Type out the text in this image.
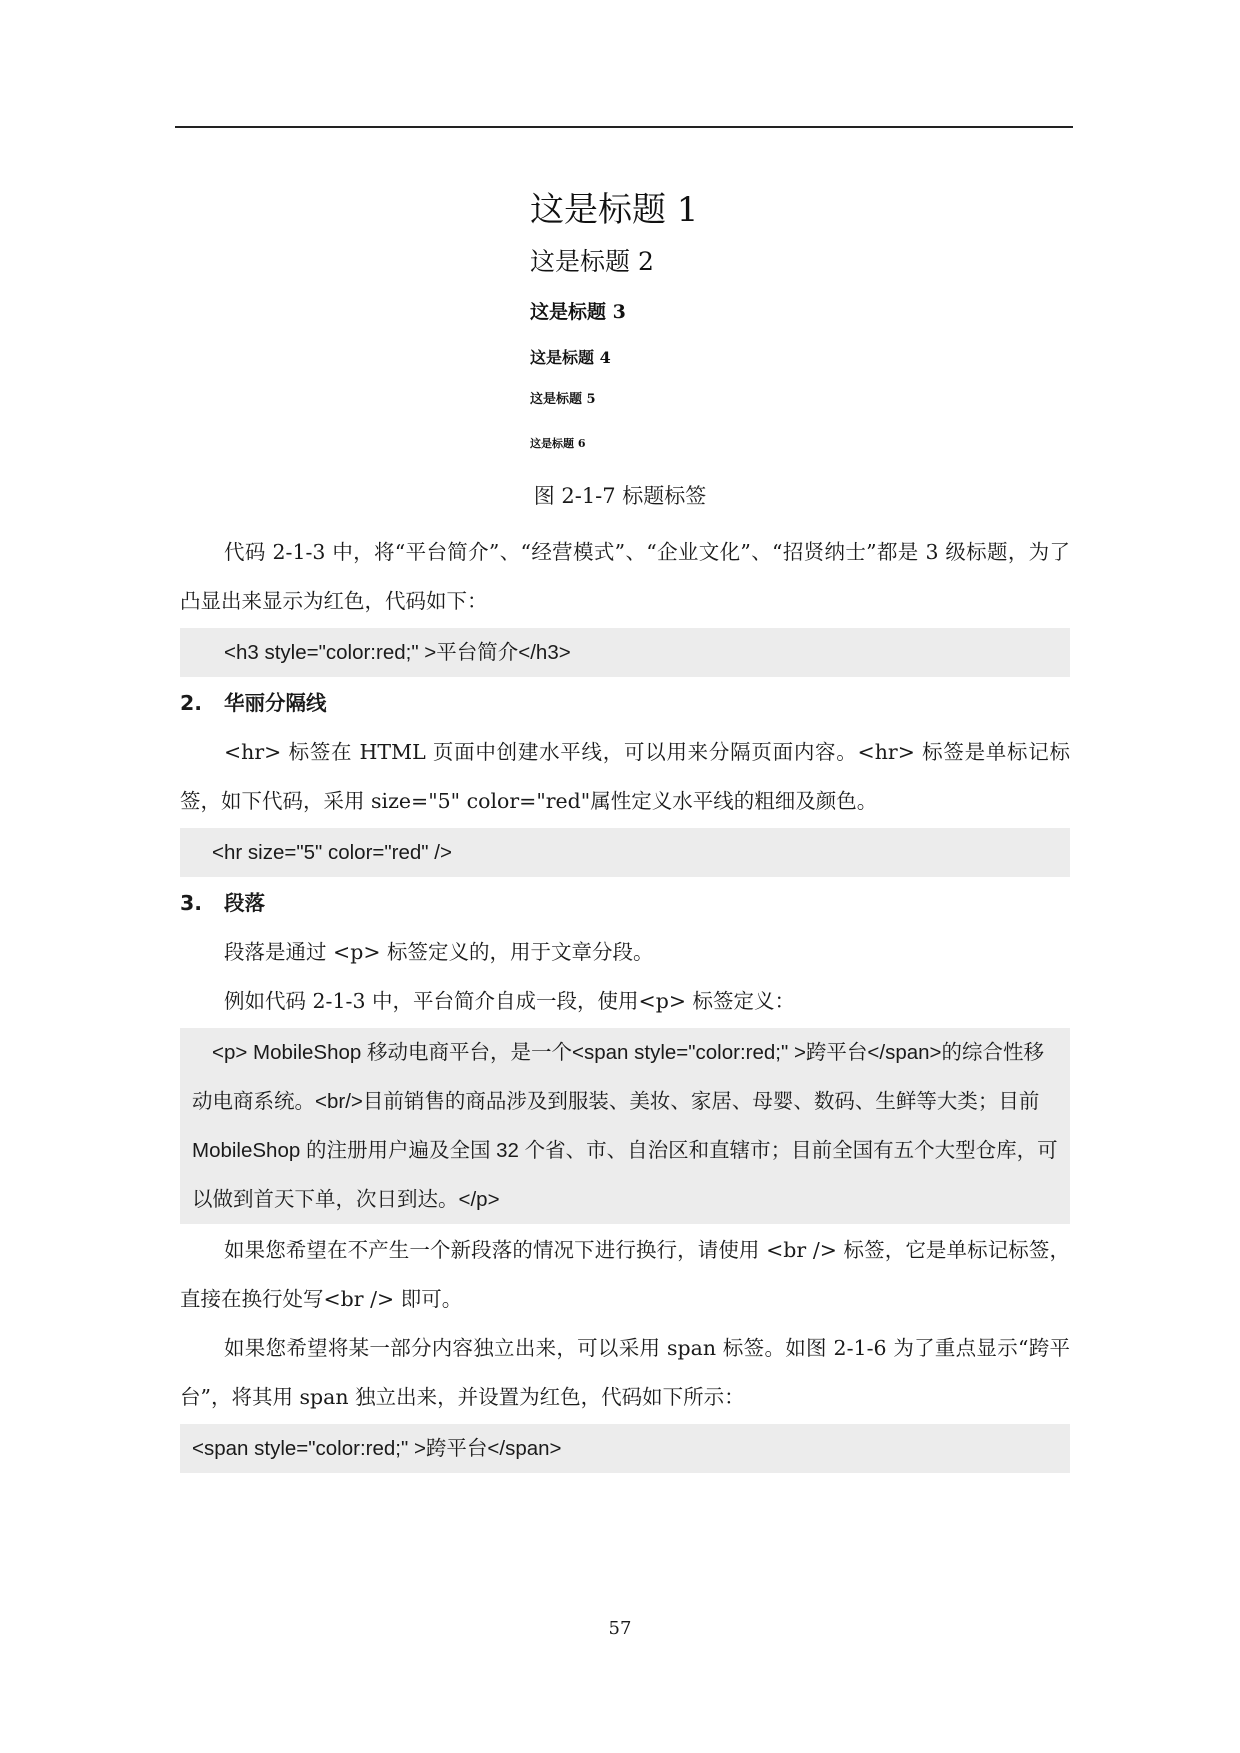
这是标题 1
这是标题 2
这是标题 3
这是标题 4
这是标题 5
这是标题 6
图 2-1-7 标题标签

代码 2-1-3 中，将“平台简介”、“经营模式”、“企业文化”、“招贤纳士”都是 3 级标题，为了凸显出来显示为红色，代码如下：

<h3 style="color:red;" >平台简介</h3>
2. 华丽分隔线

<hr> 标签在 HTML 页面中创建水平线，可以用来分隔页面内容。<hr> 标签是单标记标签，如下代码，采用 size="5" color="red"属性定义水平线的粗细及颜色。

<hr size="5" color="red" />
3. 段落

段落是通过 <p> 标签定义的，用于文章分段。

例如代码 2-1-3 中，平台简介自成一段，使用<p> 标签定义：

<p> MobileShop 移动电商平台，是一个<span style="color:red;" >跨平台</span>的综合性移动电商系统。<br/>目前销售的商品涉及到服装、美妆、家居、母婴、数码、生鲜等大类；目前 MobileShop 的注册用户遍及全国 32 个省、市、自治区和直辖市；目前全国有五个大型仓库，可以做到首天下单，次日到达。</p>

如果您希望在不产生一个新段落的情况下进行换行，请使用 <br /> 标签，它是单标记标签，直接在换行处写<br /> 即可。

如果您希望将某一部分内容独立出来，可以采用 span 标签。如图 2-1-6 为了重点显示“跨平台”，将其用 span 独立出来，并设置为红色，代码如下所示：

<span style="color:red;" >跨平台</span>
57
